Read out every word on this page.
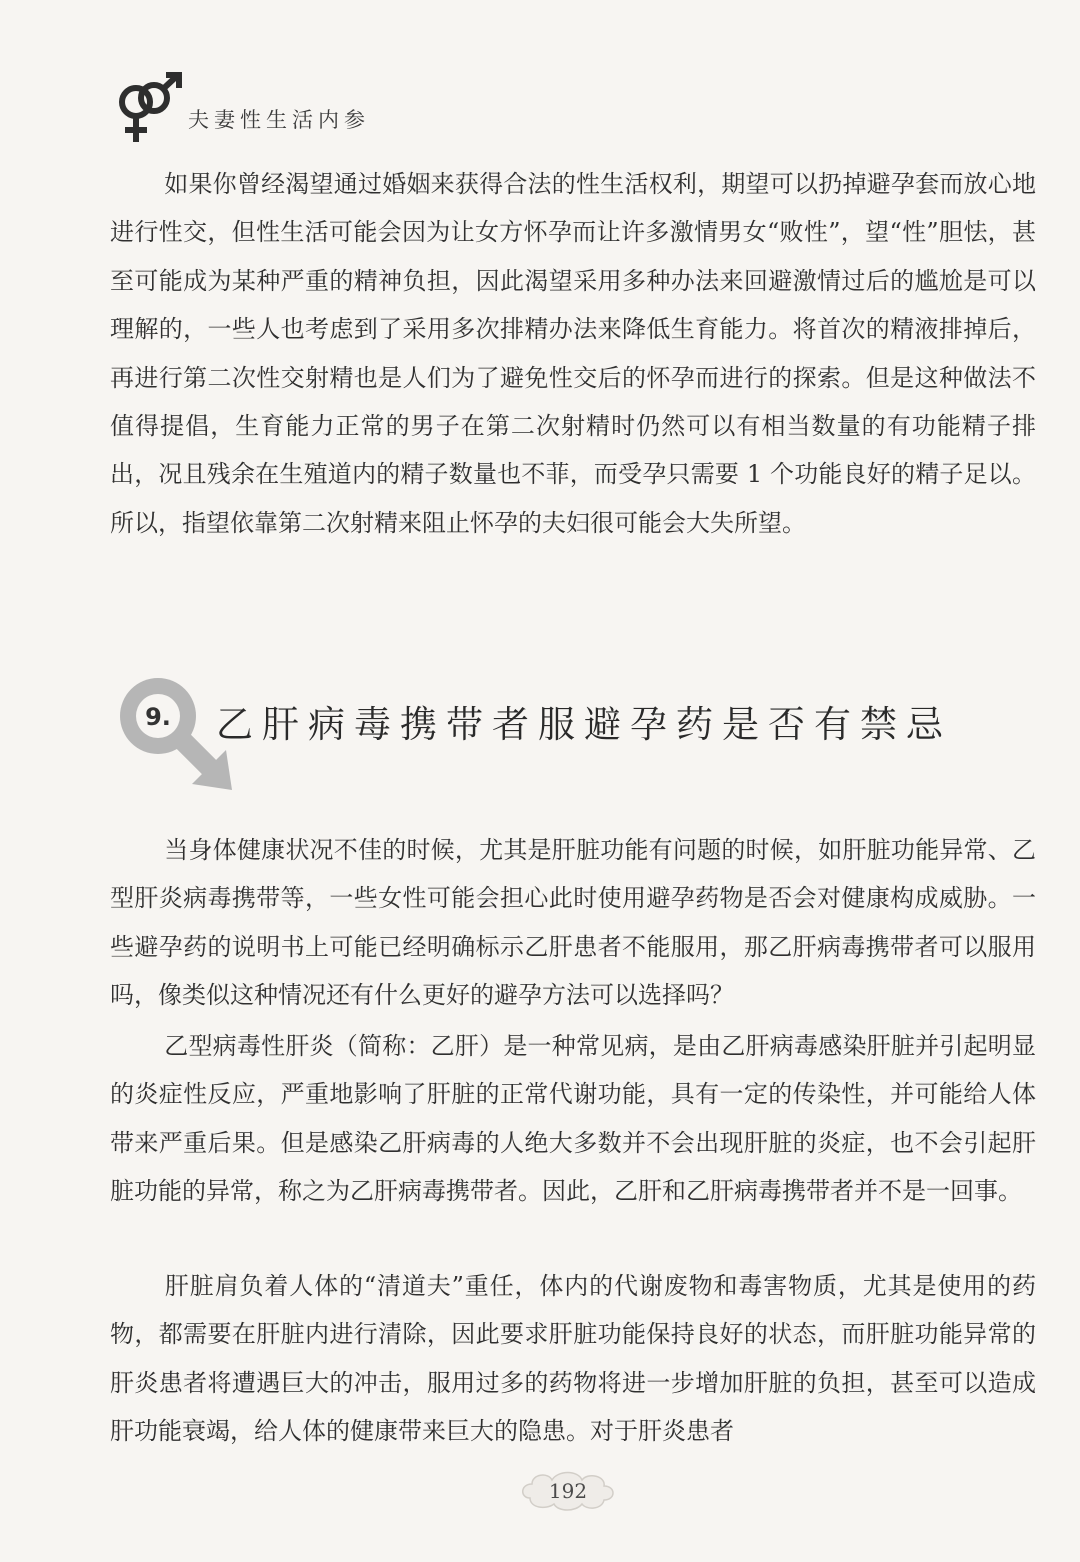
夫妻性生活内参

如果你曾经渴望通过婚姻来获得合法的性生活权利，期望可以扔掉避孕套而放心地进行性交，但性生活可能会因为让女方怀孕而让许多激情男女“败性”，望“性”胆怯，甚至可能成为某种严重的精神负担，因此渴望采用多种办法来回避激情过后的尴尬是可以理解的，一些人也考虑到了采用多次排精办法来降低生育能力。将首次的精液排掉后，再进行第二次性交射精也是人们为了避免性交后的怀孕而进行的探索。但是这种做法不值得提倡，生育能力正常的男子在第二次射精时仍然可以有相当数量的有功能精子排出，况且残余在生殖道内的精子数量也不菲，而受孕只需要 1 个功能良好的精子足以。所以，指望依靠第二次射精来阻止怀孕的夫妇很可能会大失所望。

9. 乙肝病毒携带者服避孕药是否有禁忌

当身体健康状况不佳的时候，尤其是肝脏功能有问题的时候，如肝脏功能异常、乙型肝炎病毒携带等，一些女性可能会担心此时使用避孕药物是否会对健康构成威胁。一些避孕药的说明书上可能已经明确标示乙肝患者不能服用，那乙肝病毒携带者可以服用吗，像类似这种情况还有什么更好的避孕方法可以选择吗？

乙型病毒性肝炎（简称：乙肝）是一种常见病，是由乙肝病毒感染肝脏并引起明显的炎症性反应，严重地影响了肝脏的正常代谢功能，具有一定的传染性，并可能给人体带来严重后果。但是感染乙肝病毒的人绝大多数并不会出现肝脏的炎症，也不会引起肝脏功能的异常，称之为乙肝病毒携带者。因此，乙肝和乙肝病毒携带者并不是一回事。

肝脏肩负着人体的“清道夫”重任，体内的代谢废物和毒害物质，尤其是使用的药物，都需要在肝脏内进行清除，因此要求肝脏功能保持良好的状态，而肝脏功能异常的肝炎患者将遭遇巨大的冲击，服用过多的药物将进一步增加肝脏的负担，甚至可以造成肝功能衰竭，给人体的健康带来巨大的隐患。对于肝炎患者

192
